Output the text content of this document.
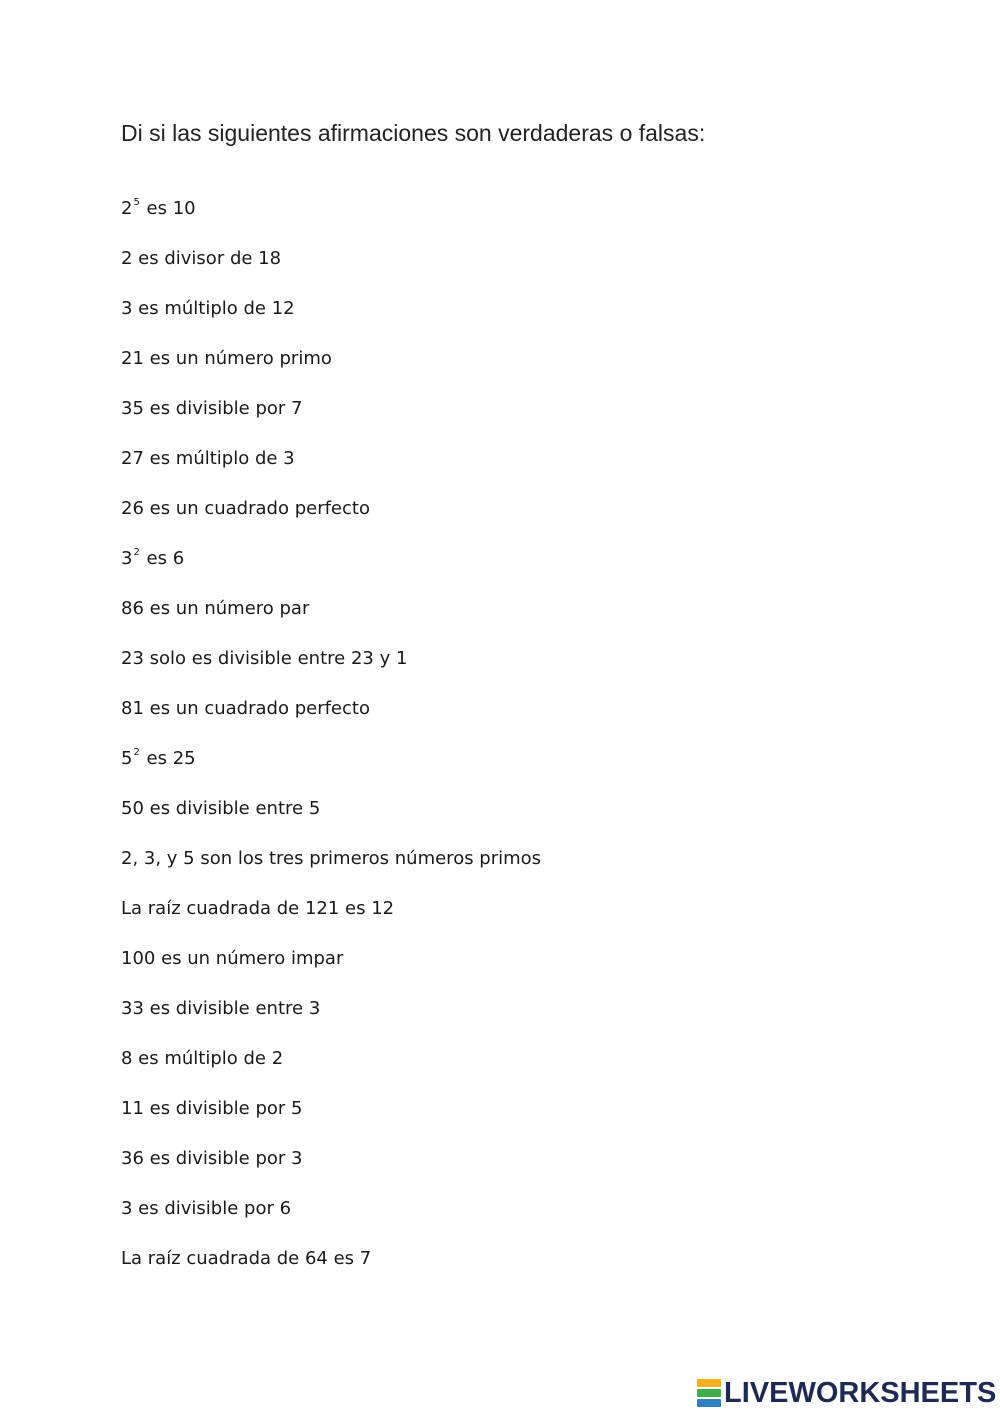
Di si las siguientes afirmaciones son verdaderas o falsas:
$2^5$ es 10
2 es divisor de 18
3 es múltiplo de 12
21 es un número primo
35 es divisible por 7
27 es múltiplo de 3
26 es un cuadrado perfecto
$3^2$ es 6
86 es un número par
23 solo es divisible entre 23 y 1
81 es un cuadrado perfecto
$5^2$ es 25
50 es divisible entre 5
2, 3, y 5 son los tres primeros números primos
La raíz cuadrada de 121 es 12
100 es un número impar
33 es divisible entre 3
8 es múltiplo de 2
11 es divisible por 5
36 es divisible por 3
3 es divisible por 6
La raíz cuadrada de 64 es 7
LIVEWORKSHEETS
